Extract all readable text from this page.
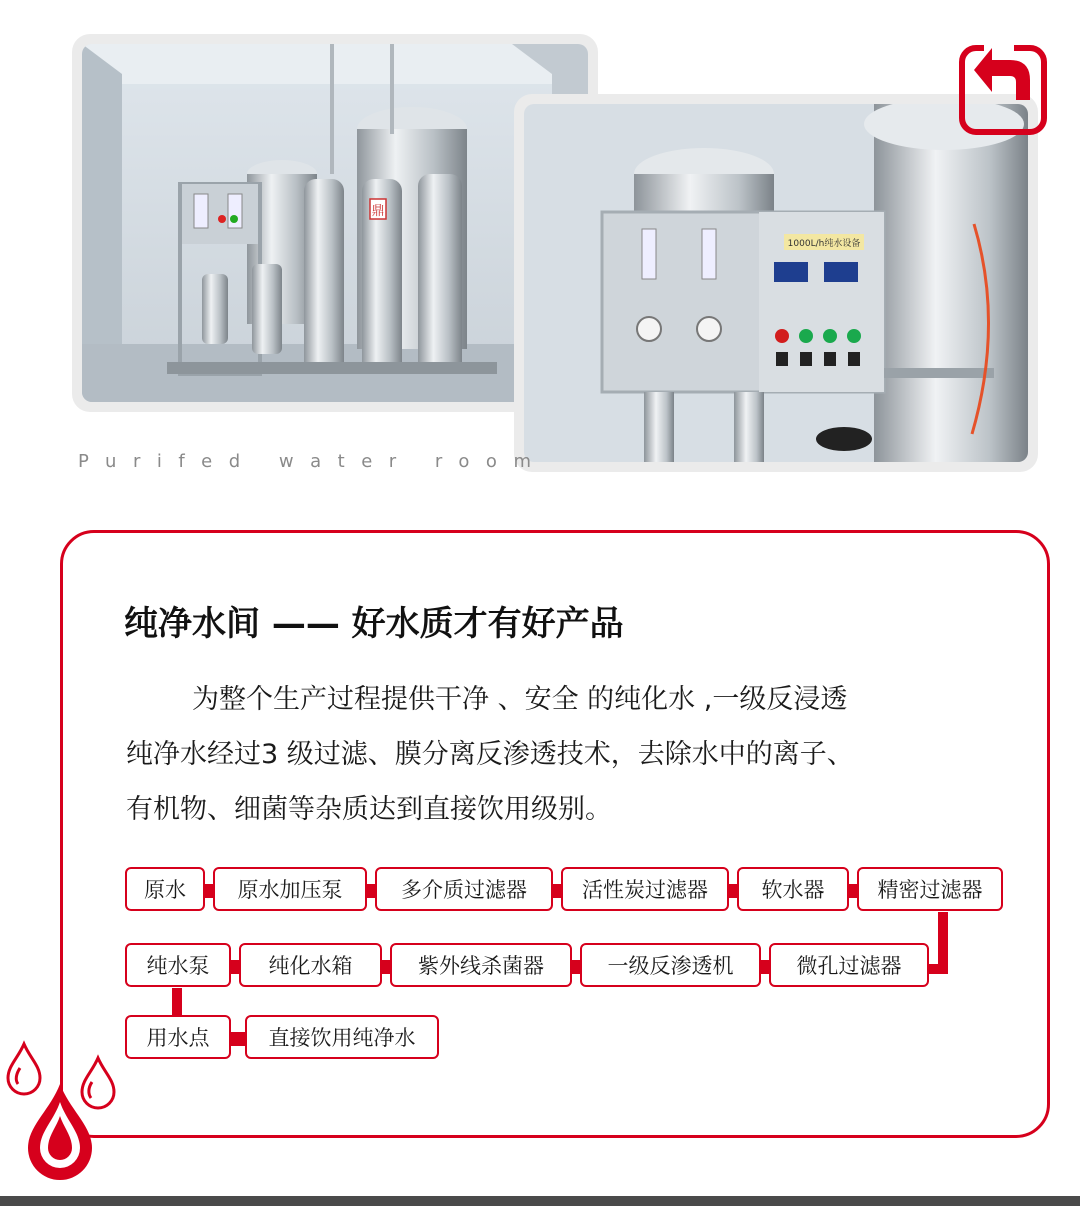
鼎
1000L/h纯水设备
Purifed water room
纯净水间 —— 好水质才有好产品
为整个生产过程提供干净 、安全 的纯化水 ,一级反浸透
纯净水经过3 级过滤、膜分离反渗透技术，去除水中的离子、
有机物、细菌等杂质达到直接饮用级别。
原水	原水加压泵	多介质过滤器	活性炭过滤器	软水器	精密过滤器
纯水泵	纯化水箱	紫外线杀菌器	一级反渗透机	微孔过滤器
用水点	直接饮用纯净水
